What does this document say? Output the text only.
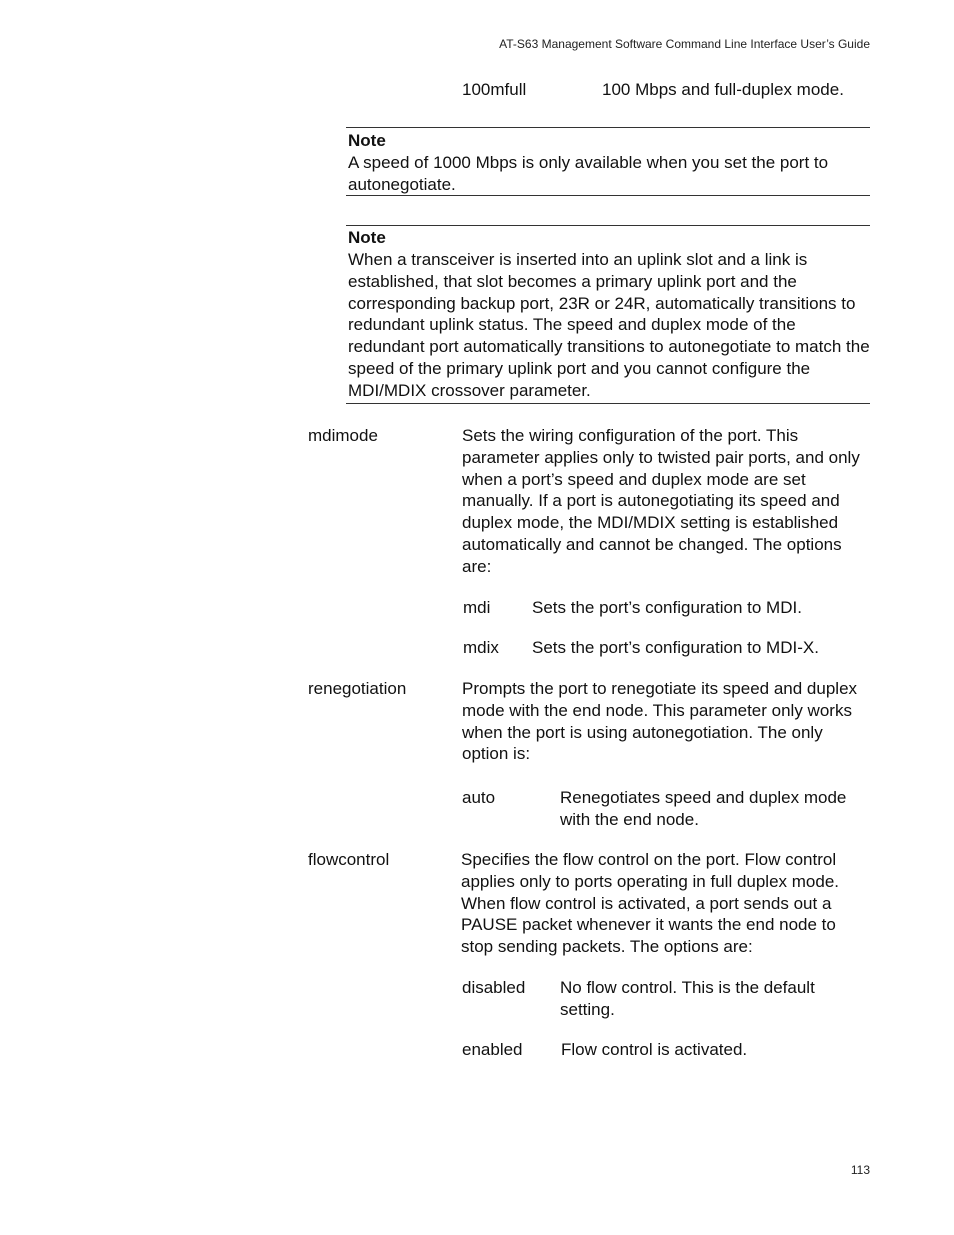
AT-S63 Management Software Command Line Interface User’s Guide
100mfull	100 Mbps and full-duplex mode.
Note
A speed of 1000 Mbps is only available when you set the port to autonegotiate.
Note
When a transceiver is inserted into an uplink slot and a link is established, that slot becomes a primary uplink port and the corresponding backup port, 23R or 24R, automatically transitions to redundant uplink status. The speed and duplex mode of the redundant port automatically transitions to autonegotiate to match the speed of the primary uplink port and you cannot configure the MDI/MDIX crossover parameter.
mdimode	Sets the wiring configuration of the port. This parameter applies only to twisted pair ports, and only when a port’s speed and duplex mode are set manually. If a port is autonegotiating its speed and duplex mode, the MDI/MDIX setting is established automatically and cannot be changed. The options are:
mdi Sets the port’s configuration to MDI.
mdix Sets the port’s configuration to MDI-X.
renegotiation	Prompts the port to renegotiate its speed and duplex mode with the end node. This parameter only works when the port is using autonegotiation. The only option is:
auto	Renegotiates speed and duplex mode with the end node.
flowcontrol	Specifies the flow control on the port. Flow control applies only to ports operating in full duplex mode. When flow control is activated, a port sends out a PAUSE packet whenever it wants the end node to stop sending packets. The options are:
disabled No flow control. This is the default setting.
enabled Flow control is activated.
113
